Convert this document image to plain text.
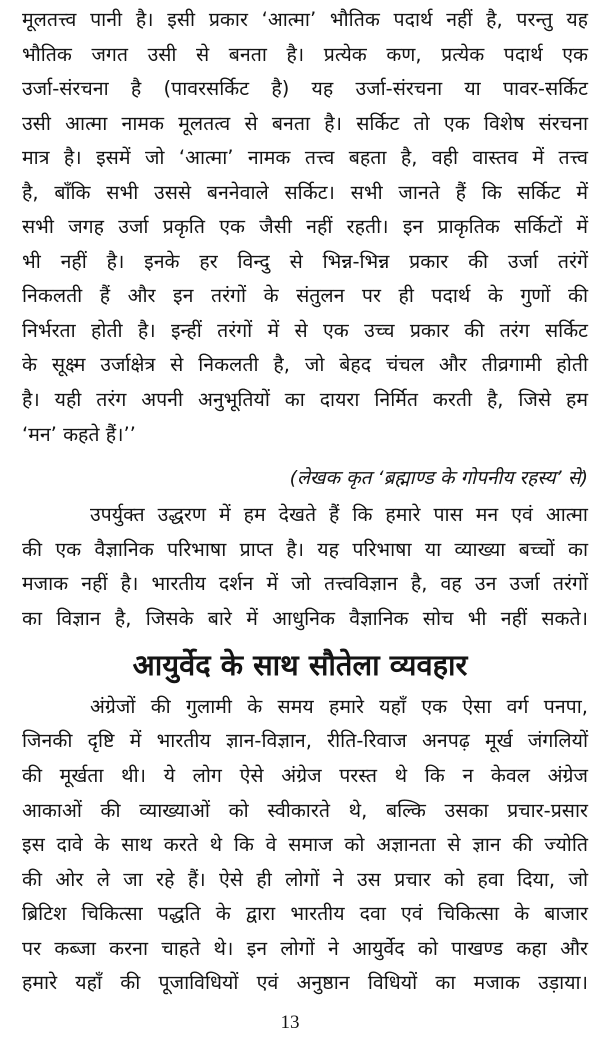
मूलतत्त्व पानी है। इसी प्रकार ‘आत्मा’ भौतिक पदार्थ नहीं है, परन्तु यह
भौतिक जगत उसी से बनता है। प्रत्येक कण, प्रत्येक पदार्थ एक
उर्जा-संरचना है (पावरसर्किट है) यह उर्जा-संरचना या पावर-सर्किट
उसी आत्मा नामक मूलतत्व से बनता है। सर्किट तो एक विशेष संरचना
मात्र है। इसमें जो ‘आत्मा’ नामक तत्त्व बहता है, वही वास्तव में तत्त्व
है, बाँकि सभी उससे बननेवाले सर्किट। सभी जानते हैं कि सर्किट में
सभी जगह उर्जा प्रकृति एक जैसी नहीं रहती। इन प्राकृतिक सर्किटों में
भी नहीं है। इनके हर विन्दु से भिन्न-भिन्न प्रकार की उर्जा तरंगें
निकलती हैं और इन तरंगों के संतुलन पर ही पदार्थ के गुणों की
निर्भरता होती है। इन्हीं तरंगों में से एक उच्च प्रकार की तरंग सर्किट
के सूक्ष्म उर्जाक्षेत्र से निकलती है, जो बेहद चंचल और तीव्रगामी होती
है। यही तरंग अपनी अनुभूतियों का दायरा निर्मित करती है, जिसे हम
‘मन’ कहते हैं।’’
(लेखक कृत ‘ब्रह्माण्ड के गोपनीय रहस्य’ से)
उपर्युक्त उद्धरण में हम देखते हैं कि हमारे पास मन एवं आत्मा
की एक वैज्ञानिक परिभाषा प्राप्त है। यह परिभाषा या व्याख्या बच्चों का
मजाक नहीं है। भारतीय दर्शन में जो तत्त्वविज्ञान है, वह उन उर्जा तरंगों
का विज्ञान है, जिसके बारे में आधुनिक वैज्ञानिक सोच भी नहीं सकते।
आयुर्वेद के साथ सौतेला व्यवहार
अंग्रेजों की गुलामी के समय हमारे यहाँ एक ऐसा वर्ग पनपा,
जिनकी दृष्टि में भारतीय ज्ञान-विज्ञान, रीति-रिवाज अनपढ़ मूर्ख जंगलियों
की मूर्खता थी। ये लोग ऐसे अंग्रेज परस्त थे कि न केवल अंग्रेज
आकाओं की व्याख्याओं को स्वीकारते थे, बल्कि उसका प्रचार-प्रसार
इस दावे के साथ करते थे कि वे समाज को अज्ञानता से ज्ञान की ज्योति
की ओर ले जा रहे हैं। ऐसे ही लोगों ने उस प्रचार को हवा दिया, जो
ब्रिटिश चिकित्सा पद्धति के द्वारा भारतीय दवा एवं चिकित्सा के बाजार
पर कब्जा करना चाहते थे। इन लोगों ने आयुर्वेद को पाखण्ड कहा और
हमारे यहाँ की पूजाविधियों एवं अनुष्ठान विधियों का मजाक उड़ाया।
13
